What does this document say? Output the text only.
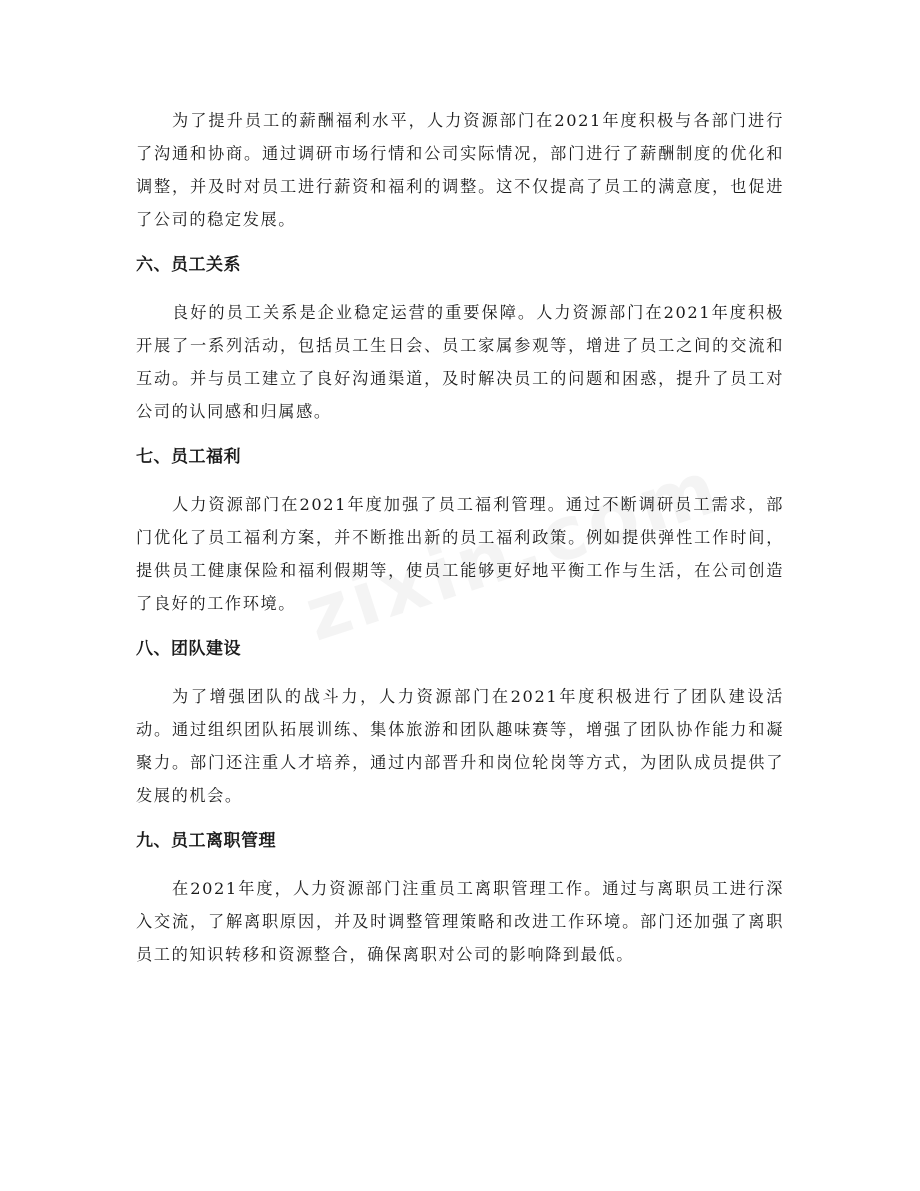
为了提升员工的薪酬福利水平，人力资源部门在2021年度积极与各部门进行了沟通和协商。通过调研市场行情和公司实际情况，部门进行了薪酬制度的优化和调整，并及时对员工进行薪资和福利的调整。这不仅提高了员工的满意度，也促进了公司的稳定发展。

六、员工关系

良好的员工关系是企业稳定运营的重要保障。人力资源部门在2021年度积极开展了一系列活动，包括员工生日会、员工家属参观等，增进了员工之间的交流和互动。并与员工建立了良好沟通渠道，及时解决员工的问题和困惑，提升了员工对公司的认同感和归属感。

七、员工福利

人力资源部门在2021年度加强了员工福利管理。通过不断调研员工需求，部门优化了员工福利方案，并不断推出新的员工福利政策。例如提供弹性工作时间，提供员工健康保险和福利假期等，使员工能够更好地平衡工作与生活，在公司创造了良好的工作环境。

八、团队建设

为了增强团队的战斗力，人力资源部门在2021年度积极进行了团队建设活动。通过组织团队拓展训练、集体旅游和团队趣味赛等，增强了团队协作能力和凝聚力。部门还注重人才培养，通过内部晋升和岗位轮岗等方式，为团队成员提供了发展的机会。

九、员工离职管理

在2021年度，人力资源部门注重员工离职管理工作。通过与离职员工进行深入交流，了解离职原因，并及时调整管理策略和改进工作环境。部门还加强了离职员工的知识转移和资源整合，确保离职对公司的影响降到最低。
